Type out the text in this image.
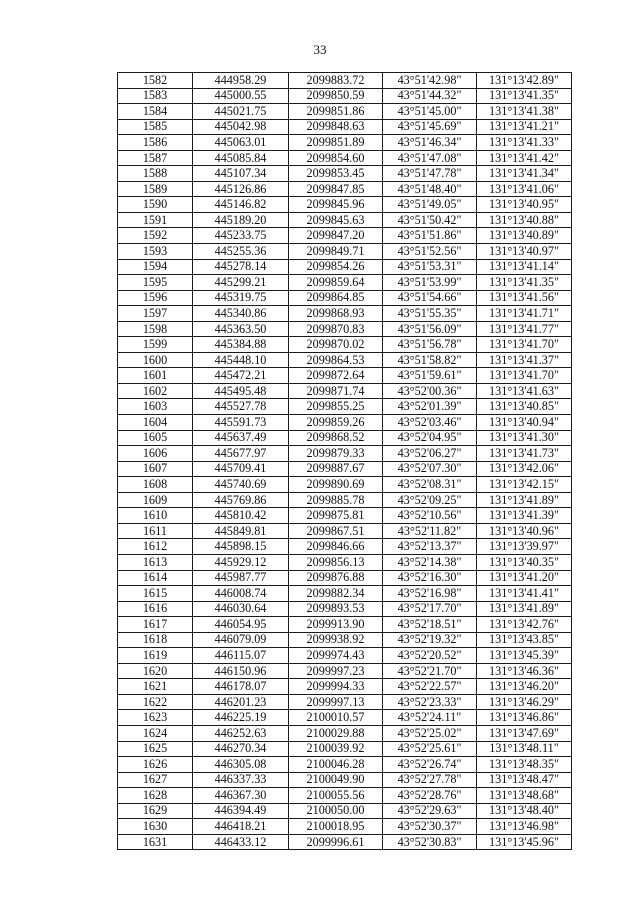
33
1582	444958.29	2099883.72	43°51'42.98"	131°13'42.89"
1583	445000.55	2099850.59	43°51'44.32"	131°13'41.35"
1584	445021.75	2099851.86	43°51'45.00"	131°13'41.38"
1585	445042.98	2099848.63	43°51'45.69"	131°13'41.21"
1586	445063.01	2099851.89	43°51'46.34"	131°13'41.33"
1587	445085.84	2099854.60	43°51'47.08"	131°13'41.42"
1588	445107.34	2099853.45	43°51'47.78"	131°13'41.34"
1589	445126.86	2099847.85	43°51'48.40"	131°13'41.06"
1590	445146.82	2099845.96	43°51'49.05"	131°13'40.95"
1591	445189.20	2099845.63	43°51'50.42"	131°13'40.88"
1592	445233.75	2099847.20	43°51'51.86"	131°13'40.89"
1593	445255.36	2099849.71	43°51'52.56"	131°13'40.97"
1594	445278.14	2099854.26	43°51'53.31"	131°13'41.14"
1595	445299.21	2099859.64	43°51'53.99"	131°13'41.35"
1596	445319.75	2099864.85	43°51'54.66"	131°13'41.56"
1597	445340.86	2099868.93	43°51'55.35"	131°13'41.71"
1598	445363.50	2099870.83	43°51'56.09"	131°13'41.77"
1599	445384.88	2099870.02	43°51'56.78"	131°13'41.70"
1600	445448.10	2099864.53	43°51'58.82"	131°13'41.37"
1601	445472.21	2099872.64	43°51'59.61"	131°13'41.70"
1602	445495.48	2099871.74	43°52'00.36"	131°13'41.63"
1603	445527.78	2099855.25	43°52'01.39"	131°13'40.85"
1604	445591.73	2099859.26	43°52'03.46"	131°13'40.94"
1605	445637.49	2099868.52	43°52'04.95"	131°13'41.30"
1606	445677.97	2099879.33	43°52'06.27"	131°13'41.73"
1607	445709.41	2099887.67	43°52'07.30"	131°13'42.06"
1608	445740.69	2099890.69	43°52'08.31"	131°13'42.15"
1609	445769.86	2099885.78	43°52'09.25"	131°13'41.89"
1610	445810.42	2099875.81	43°52'10.56"	131°13'41.39"
1611	445849.81	2099867.51	43°52'11.82"	131°13'40.96"
1612	445898.15	2099846.66	43°52'13.37"	131°13'39.97"
1613	445929.12	2099856.13	43°52'14.38"	131°13'40.35"
1614	445987.77	2099876.88	43°52'16.30"	131°13'41.20"
1615	446008.74	2099882.34	43°52'16.98"	131°13'41.41"
1616	446030.64	2099893.53	43°52'17.70"	131°13'41.89"
1617	446054.95	2099913.90	43°52'18.51"	131°13'42.76"
1618	446079.09	2099938.92	43°52'19.32"	131°13'43.85"
1619	446115.07	2099974.43	43°52'20.52"	131°13'45.39"
1620	446150.96	2099997.23	43°52'21.70"	131°13'46.36"
1621	446178.07	2099994.33	43°52'22.57"	131°13'46.20"
1622	446201.23	2099997.13	43°52'23.33"	131°13'46.29"
1623	446225.19	2100010.57	43°52'24.11"	131°13'46.86"
1624	446252.63	2100029.88	43°52'25.02"	131°13'47.69"
1625	446270.34	2100039.92	43°52'25.61"	131°13'48.11"
1626	446305.08	2100046.28	43°52'26.74"	131°13'48.35"
1627	446337.33	2100049.90	43°52'27.78"	131°13'48.47"
1628	446367.30	2100055.56	43°52'28.76"	131°13'48.68"
1629	446394.49	2100050.00	43°52'29.63"	131°13'48.40"
1630	446418.21	2100018.95	43°52'30.37"	131°13'46.98"
1631	446433.12	2099996.61	43°52'30.83"	131°13'45.96"
